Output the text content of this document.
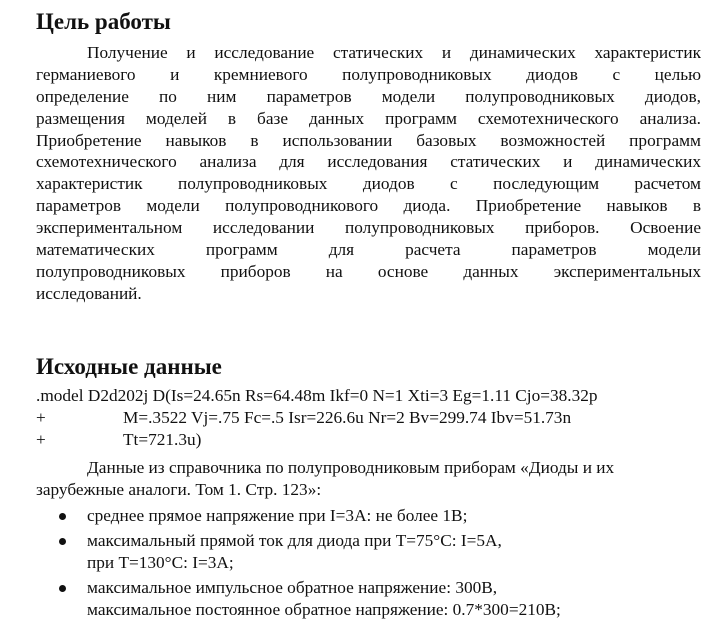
Цель работы
Получение и исследование статических и динамических характеристик
германиевого и кремниевого полупроводниковых диодов с целью
определение по ним параметров модели полупроводниковых диодов,
размещения моделей в базе данных программ схемотехнического анализа.
Приобретение навыков в использовании базовых возможностей программ
схемотехнического анализа для исследования статических и динамических
характеристик полупроводниковых диодов с последующим расчетом
параметров модели полупроводникового диода. Приобретение навыков в
экспериментальном исследовании полупроводниковых приборов. Освоение
математических программ для расчета параметров модели
полупроводниковых приборов на основе данных экспериментальных
исследований.
Исходные данные
.model D2d202j D(Is=24.65n Rs=64.48m Ikf=0 N=1 Xti=3 Eg=1.11 Cjo=38.32p
+	M=.3522 Vj=.75 Fc=.5 Isr=226.6u Nr=2 Bv=299.74 Ibv=51.73n
+	Tt=721.3u)
Данные из справочника по полупроводниковым приборам «Диоды и их
зарубежные аналоги. Том 1. Стр. 123»:
среднее прямое напряжение при I=3A: не более 1В;
максимальный прямой ток для диода при T=75°C: I=5A,
при T=130°C: I=3A;
максимальное импульсное обратное напряжение: 300В,
максимальное постоянное обратное напряжение: 0.7*300=210В;
